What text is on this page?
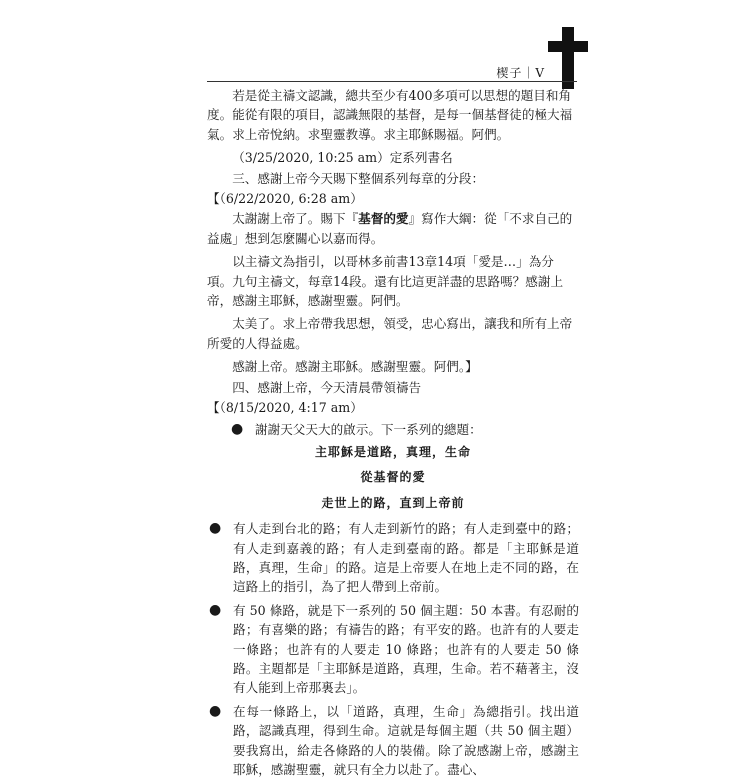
楔子｜V

若是從主禱文認識，總共至少有400多項可以思想的題目和角度。能從有限的項目，認識無限的基督，是每一個基督徒的極大福氣。求上帝悅納。求聖靈教導。求主耶穌賜福。阿們。

（3/25/2020, 10:25 am）定系列書名

三、感謝上帝今天賜下整個系列每章的分段：

【（6/22/2020, 6:28 am）

太謝謝上帝了。賜下『基督的愛』寫作大綱：從「不求自己的益處」想到怎麼關心以嘉而得。

以主禱文為指引，以哥林多前書13章14項「愛是…」為分項。九句主禱文，每章14段。還有比這更詳盡的思路嗎？感謝上帝，感謝主耶穌，感謝聖靈。阿們。

太美了。求上帝帶我思想，領受，忠心寫出，讓我和所有上帝所愛的人得益處。

感謝上帝。感謝主耶穌。感謝聖靈。阿們。】

四、感謝上帝，今天清晨帶領禱告

【（8/15/2020, 4:17 am）

● 謝謝天父天大的啟示。下一系列的總題：
主耶穌是道路，真理，生命
從基督的愛
走世上的路，直到上帝前
● 有人走到台北的路；有人走到新竹的路；有人走到臺中的路；有人走到嘉義的路；有人走到臺南的路。都是「主耶穌是道路，真理，生命」的路。這是上帝要人在地上走不同的路，在這路上的指引，為了把人帶到上帝前。
● 有 50 條路，就是下一系列的 50 個主題：50 本書。有忍耐的路；有喜樂的路；有禱告的路；有平安的路。也許有的人要走一條路；也許有的人要走 10 條路；也許有的人要走 50 條路。主題都是「主耶穌是道路，真理，生命。若不藉著主，沒有人能到上帝那裏去」。
● 在每一條路上，以「道路，真理，生命」為總指引。找出道路，認識真理，得到生命。這就是每個主題（共 50 個主題）要我寫出，給走各條路的人的裝備。除了說感謝上帝，感謝主耶穌，感謝聖靈，就只有全力以赴了。盡心、
